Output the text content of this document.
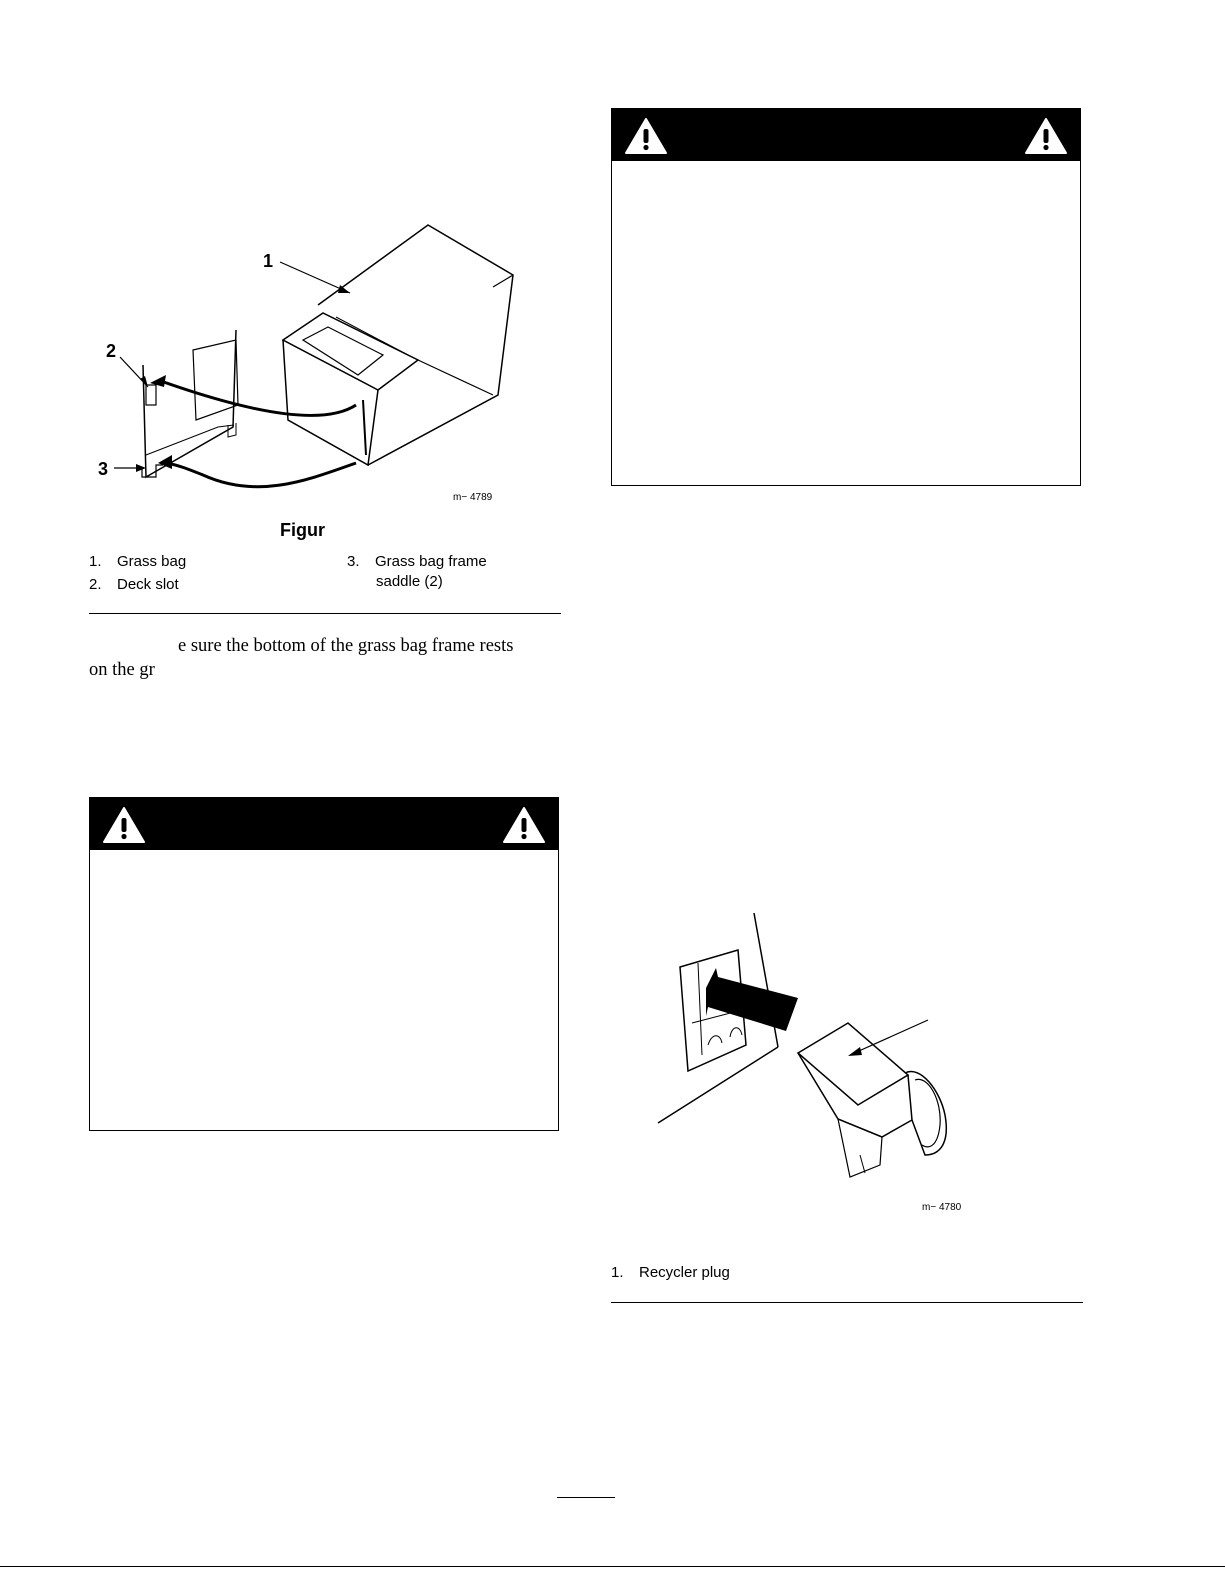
1
2
3
m− 4789
Figur
1. Grass bag
2. Deck slot
3. Grass bag frame
saddle (2)
e sure the bottom of the grass bag frame rests
on the gr
m− 4780
1. Recycler plug
